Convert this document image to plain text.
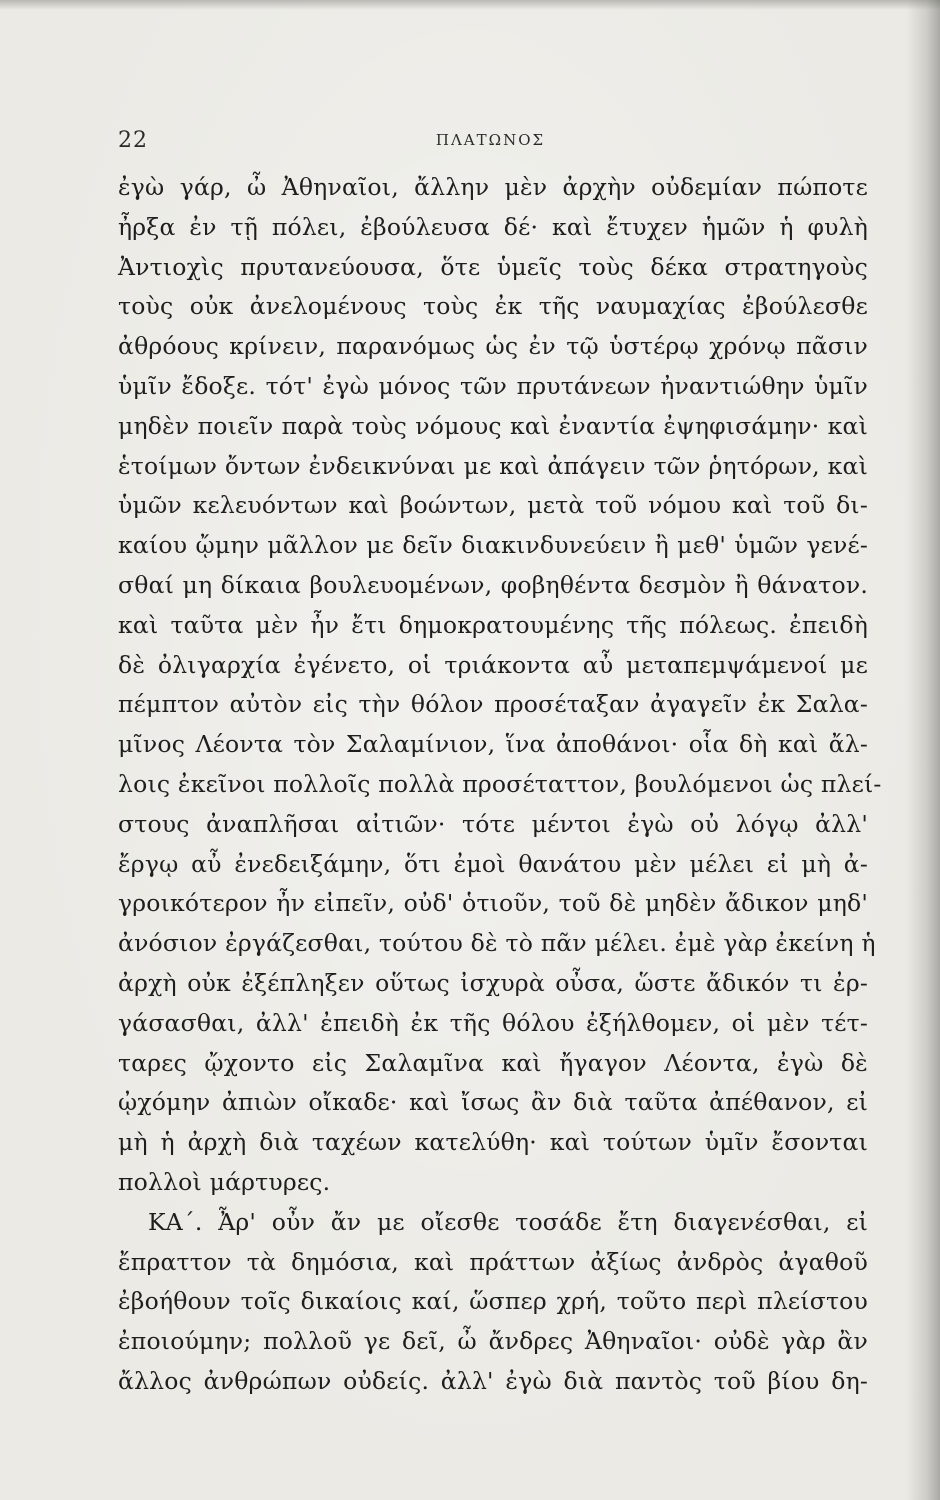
22	ΠΛΑΤΩΝΟΣ
ἐγὼ γάρ, ὦ Ἀθηναῖοι, ἄλλην μὲν ἀρχὴν οὐδεμίαν πώποτε
ἦρξα ἐν τῇ πόλει, ἐβούλευσα δέ· καὶ ἔτυχεν ἡμῶν ἡ φυλὴ
Ἀντιοχὶς πρυτανεύουσα, ὅτε ὑμεῖς τοὺς δέκα στρατηγοὺς
τοὺς οὐκ ἀνελομένους τοὺς ἐκ τῆς ναυμαχίας ἐβούλεσθε
ἀθρόους κρίνειν, παρανόμως ὡς ἐν τῷ ὑστέρῳ χρόνῳ πᾶσιν
ὑμῖν ἔδοξε. τότ' ἐγὼ μόνος τῶν πρυτάνεων ἠναντιώθην ὑμῖν
μηδὲν ποιεῖν παρὰ τοὺς νόμους καὶ ἐναντία ἐψηφισάμην· καὶ
ἑτοίμων ὄντων ἐνδεικνύναι με καὶ ἀπάγειν τῶν ῥητόρων, καὶ
ὑμῶν κελευόντων καὶ βοώντων, μετὰ τοῦ νόμου καὶ τοῦ δι-
καίου ᾤμην μᾶλλον με δεῖν διακινδυνεύειν ἢ μεθ' ὑμῶν γενέ-
σθαί μη δίκαια βουλευομένων, φοβηθέντα δεσμὸν ἢ θάνατον.
καὶ ταῦτα μὲν ἦν ἔτι δημοκρατουμένης τῆς πόλεως. ἐπειδὴ
δὲ ὀλιγαρχία ἐγένετο, οἱ τριάκοντα αὖ μεταπεμψάμενοί με
πέμπτον αὐτὸν εἰς τὴν θόλον προσέταξαν ἀγαγεῖν ἐκ Σαλα-
μῖνος Λέοντα τὸν Σαλαμίνιον, ἵνα ἀποθάνοι· οἷα δὴ καὶ ἄλ-
λοις ἐκεῖνοι πολλοῖς πολλὰ προσέταττον, βουλόμενοι ὡς πλεί-
στους ἀναπλῆσαι αἰτιῶν· τότε μέντοι ἐγὼ οὐ λόγῳ ἀλλ'
ἔργῳ αὖ ἐνεδειξάμην, ὅτι ἐμοὶ θανάτου μὲν μέλει εἰ μὴ ἀ-
γροικότερον ἦν εἰπεῖν, οὐδ' ὁτιοῦν, τοῦ δὲ μηδὲν ἄδικον μηδ'
ἀνόσιον ἐργάζεσθαι, τούτου δὲ τὸ πᾶν μέλει. ἐμὲ γὰρ ἐκείνη ἡ
ἀρχὴ οὐκ ἐξέπληξεν οὕτως ἰσχυρὰ οὖσα, ὥστε ἄδικόν τι ἐρ-
γάσασθαι, ἀλλ' ἐπειδὴ ἐκ τῆς θόλου ἐξήλθομεν, οἱ μὲν τέτ-
ταρες ᾤχοντο εἰς Σαλαμῖνα καὶ ἤγαγον Λέοντα, ἐγὼ δὲ
ᾠχόμην ἀπιὼν οἴκαδε· καὶ ἴσως ἂν διὰ ταῦτα ἀπέθανον, εἰ
μὴ ἡ ἀρχὴ διὰ ταχέων κατελύθη· καὶ τούτων ὑμῖν ἔσονται
πολλοὶ μάρτυρες.
ΚΑ΄. Ἆρ' οὖν ἄν με οἴεσθε τοσάδε ἔτη διαγενέσθαι, εἰ
ἔπραττον τὰ δημόσια, καὶ πράττων ἀξίως ἀνδρὸς ἀγαθοῦ
ἐβοήθουν τοῖς δικαίοις καί, ὥσπερ χρή, τοῦτο περὶ πλείστου
ἐποιούμην; πολλοῦ γε δεῖ, ὦ ἄνδρες Ἀθηναῖοι· οὐδὲ γὰρ ἂν
ἄλλος ἀνθρώπων οὐδείς. ἀλλ' ἐγὼ διὰ παντὸς τοῦ βίου δη-
